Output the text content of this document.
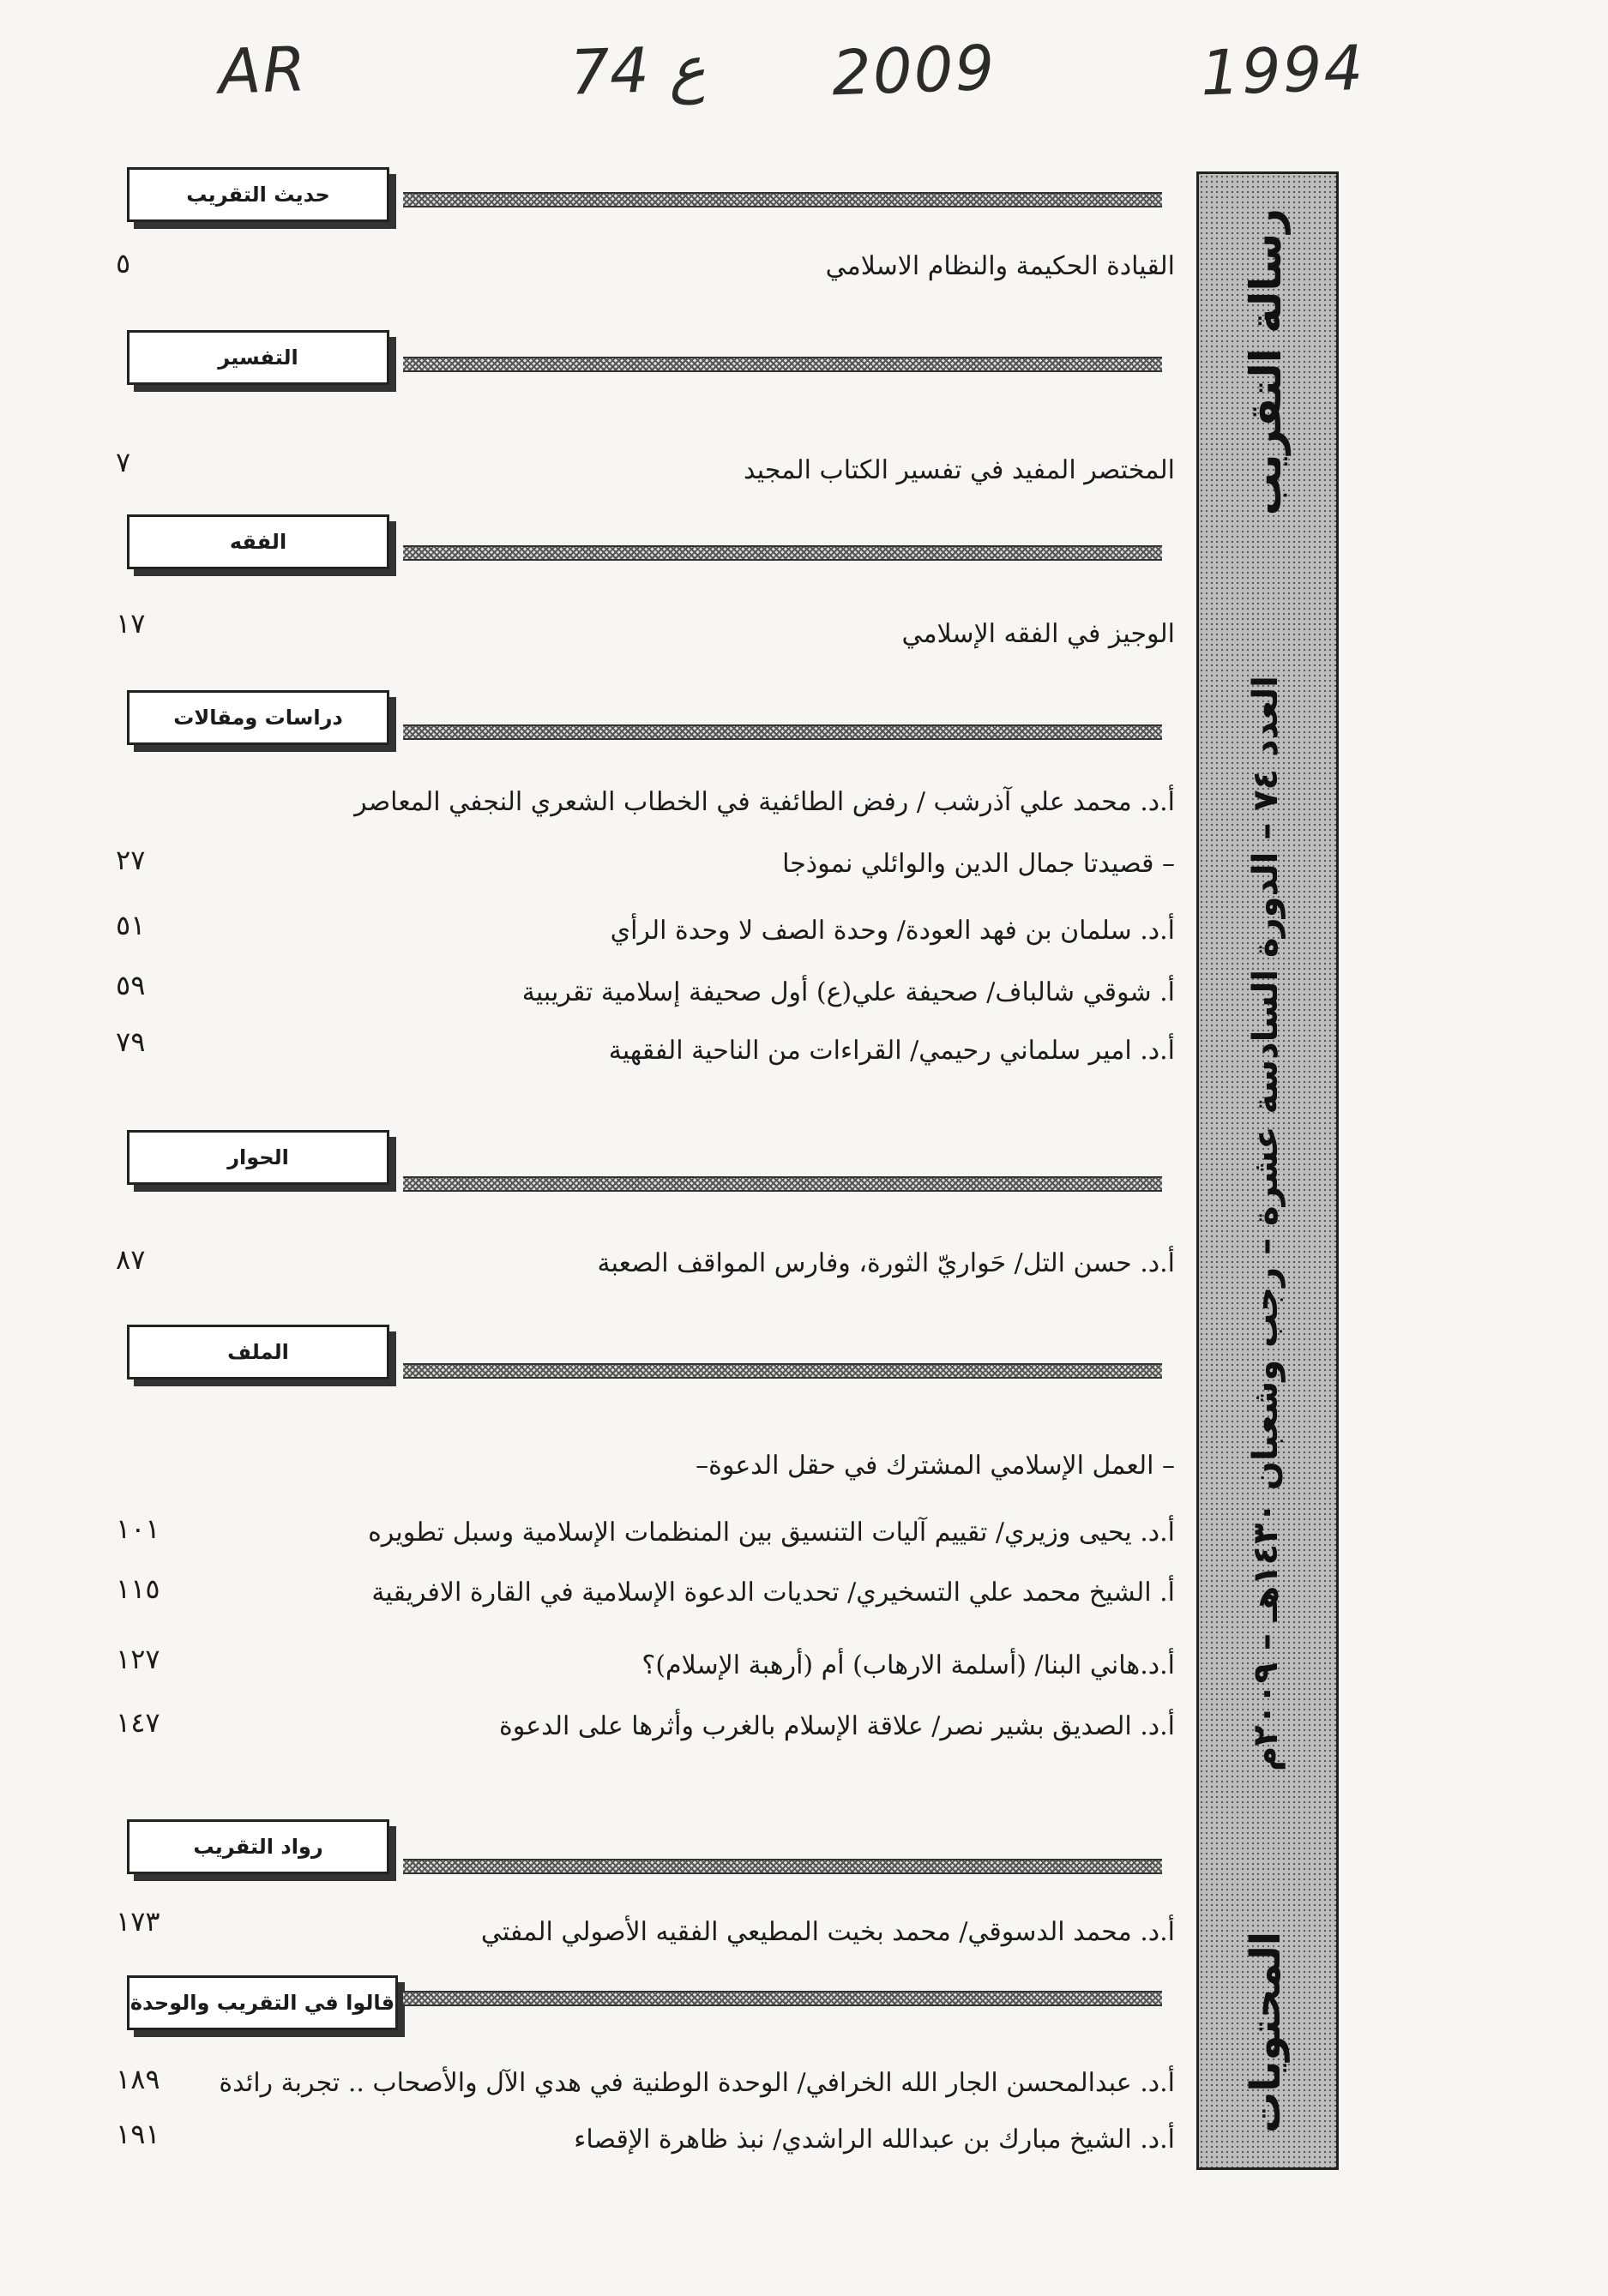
AR	74 ع 2009	1994
رسالة التقريب
العدد ٧٤ – الدورة السادسة عشرة – رجب وشعبان ١٤٣٠هـ – ٢٠٠٩م
المحتويات
حديث التقريب
القيادة الحكيمة والنظام الاسلامي
٥
التفسير
المختصر المفيد في تفسير الكتاب المجيد
٧
الفقه
الوجيز في الفقه الإسلامي
١٧
دراسات ومقالات
أ.د. محمد علي آذرشب / رفض الطائفية في الخطاب الشعري النجفي المعاصر
– قصيدتا جمال الدين والوائلي نموذجا
٢٧
أ.د. سلمان بن فهد العودة/ وحدة الصف لا وحدة الرأي
٥١
أ. شوقي شالباف/ صحيفة علي(ع) أول صحيفة إسلامية تقريبية
٥٩
أ.د. امير سلماني رحيمي/ القراءات من الناحية الفقهية
٧٩
الحوار
أ.د. حسن التل/ حَواريّ الثورة، وفارس المواقف الصعبة
٨٧
الملف
– العمل الإسلامي المشترك في حقل الدعوة–
أ.د. يحيى وزيري/ تقييم آليات التنسيق بين المنظمات الإسلامية وسبل تطويره
١٠١
أ. الشيخ محمد علي التسخيري/ تحديات الدعوة الإسلامية في القارة الافريقية
١١٥
أ.د.هاني البنا/ (أسلمة الارهاب) أم (أرهبة الإسلام)؟
١٢٧
أ.د. الصديق بشير نصر/ علاقة الإسلام بالغرب وأثرها على الدعوة
١٤٧
رواد التقريب
أ.د. محمد الدسوقي/ محمد بخيت المطيعي الفقيه الأصولي المفتي
١٧٣
قالوا في التقريب والوحدة
أ.د. عبدالمحسن الجار الله الخرافي/ الوحدة الوطنية في هدي الآل والأصحاب .. تجربة رائدة
١٨٩
أ.د. الشيخ مبارك بن عبدالله الراشدي/ نبذ ظاهرة الإقصاء
١٩١
